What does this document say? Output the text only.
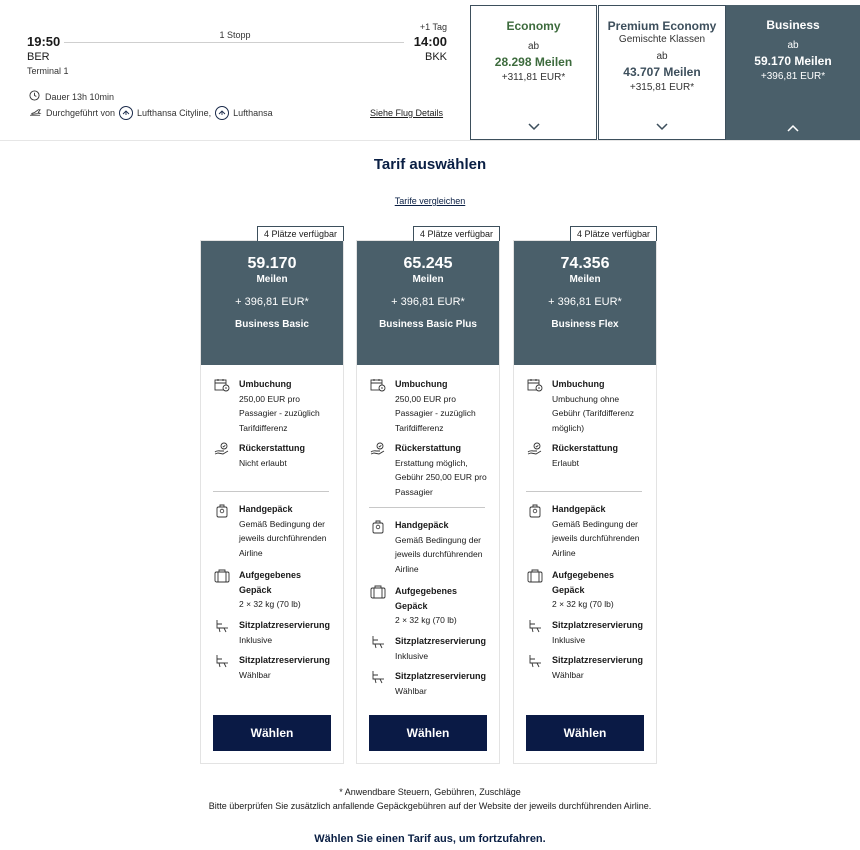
19:50
BER
Terminal 1
1 Stopp
+1 Tag
14:00
BKK
Dauer 13h 10min
Durchgeführt von Lufthansa Cityline, Lufthansa	Siehe Flug Details
Economy
ab
28.298 Meilen
+311,81 EUR*
Premium Economy
Gemischte Klassen
ab
43.707 Meilen
+315,81 EUR*
Business
ab
59.170 Meilen
+396,81 EUR*
Tarif auswählen
Tarife vergleichen
4 Plätze verfügbar
59.170
Meilen
+ 396,81 EUR*
Business Basic
Umbuchung
250,00 EUR pro
Passagier - zuzüglich
Tarifdifferenz
Rückerstattung
Nicht erlaubt
Handgepäck
Gemäß Bedingung der
jeweils durchführenden
Airline
Aufgegebenes
Gepäck
2 × 32 kg (70 lb)
Sitzplatzreservierung
Inklusive
Sitzplatzreservierung
Wählbar
Wählen
4 Plätze verfügbar
65.245
Meilen
+ 396,81 EUR*
Business Basic Plus
Umbuchung
250,00 EUR pro
Passagier - zuzüglich
Tarifdifferenz
Rückerstattung
Erstattung möglich,
Gebühr 250,00 EUR pro
Passagier
Handgepäck
Gemäß Bedingung der
jeweils durchführenden
Airline
Aufgegebenes
Gepäck
2 × 32 kg (70 lb)
Sitzplatzreservierung
Inklusive
Sitzplatzreservierung
Wählbar
Wählen
4 Plätze verfügbar
74.356
Meilen
+ 396,81 EUR*
Business Flex
Umbuchung
Umbuchung ohne
Gebühr (Tarifdifferenz
möglich)
Rückerstattung
Erlaubt
Handgepäck
Gemäß Bedingung der
jeweils durchführenden
Airline
Aufgegebenes
Gepäck
2 × 32 kg (70 lb)
Sitzplatzreservierung
Inklusive
Sitzplatzreservierung
Wählbar
Wählen
* Anwendbare Steuern, Gebühren, Zuschläge
Bitte überprüfen Sie zusätzlich anfallende Gepäckgebühren auf der Website der jeweils durchführenden Airline.
Wählen Sie einen Tarif aus, um fortzufahren.
